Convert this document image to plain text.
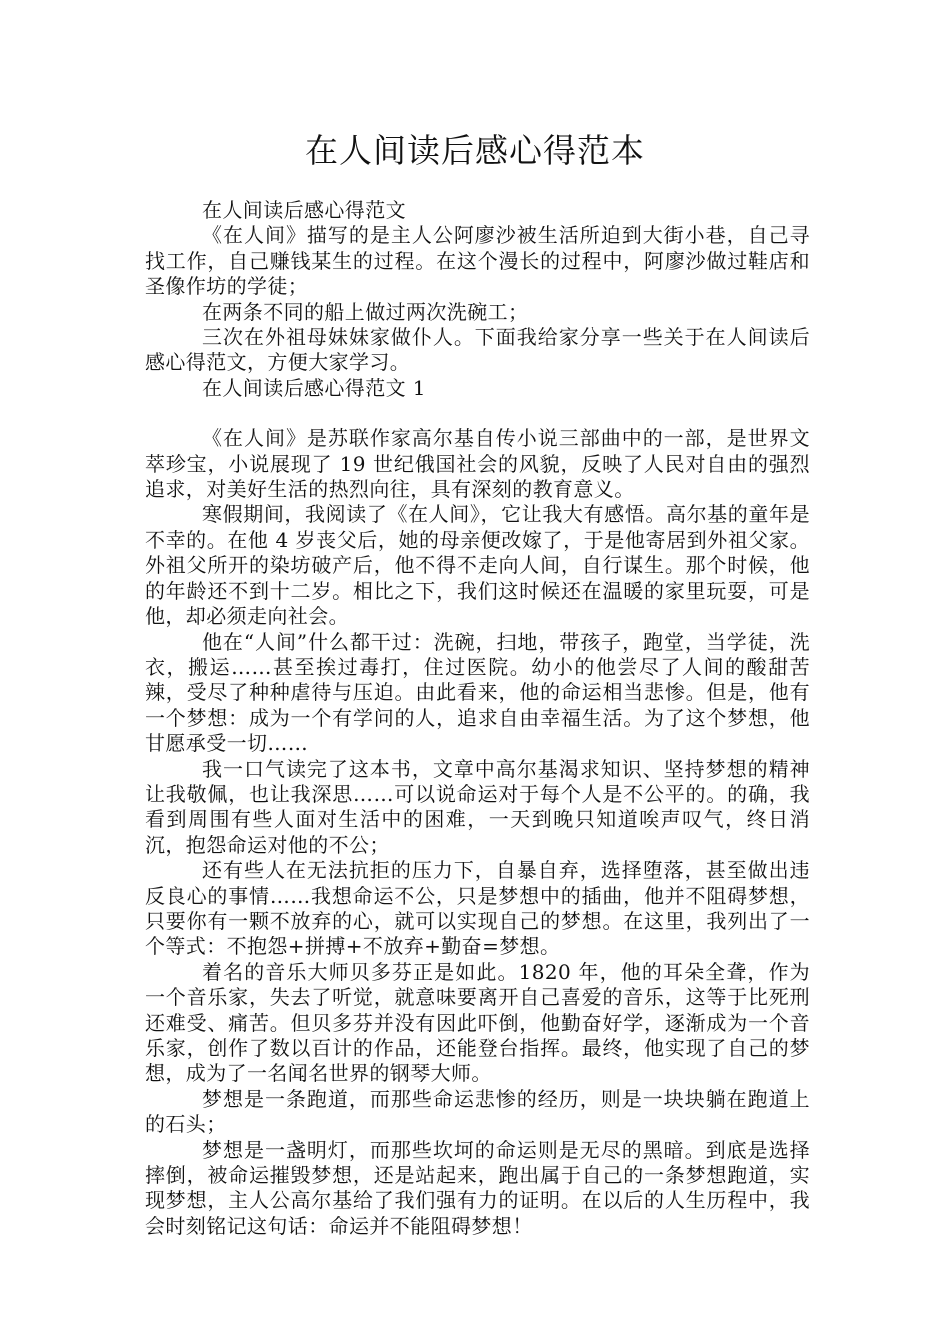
在人间读后感心得范本

在人间读后感心得范文

《在人间》描写的是主人公阿廖沙被生活所迫到大街小巷，自己寻找工作，自己赚钱某生的过程。在这个漫长的过程中，阿廖沙做过鞋店和圣像作坊的学徒；

在两条不同的船上做过两次洗碗工；

三次在外祖母妹妹家做仆人。下面我给家分享一些关于在人间读后感心得范文，方便大家学习。

在人间读后感心得范文 1

《在人间》是苏联作家高尔基自传小说三部曲中的一部，是世界文萃珍宝，小说展现了 19 世纪俄国社会的风貌，反映了人民对自由的强烈追求，对美好生活的热烈向往，具有深刻的教育意义。

寒假期间，我阅读了《在人间》，它让我大有感悟。高尔基的童年是不幸的。在他 4 岁丧父后，她的母亲便改嫁了，于是他寄居到外祖父家。外祖父所开的染坊破产后，他不得不走向人间，自行谋生。那个时候，他的年龄还不到十二岁。相比之下，我们这时候还在温暖的家里玩耍，可是他，却必须走向社会。

他在“人间”什么都干过：洗碗，扫地，带孩子，跑堂，当学徒，洗衣，搬运……甚至挨过毒打，住过医院。幼小的他尝尽了人间的酸甜苦辣，受尽了种种虐待与压迫。由此看来，他的命运相当悲惨。但是，他有一个梦想：成为一个有学问的人，追求自由幸福生活。为了这个梦想，他甘愿承受一切……

我一口气读完了这本书，文章中高尔基渴求知识、坚持梦想的精神让我敬佩，也让我深思……可以说命运对于每个人是不公平的。的确，我看到周围有些人面对生活中的困难，一天到晚只知道唉声叹气，终日消沉，抱怨命运对他的不公；

还有些人在无法抗拒的压力下，自暴自弃，选择堕落，甚至做出违反良心的事情……我想命运不公，只是梦想中的插曲，他并不阻碍梦想，只要你有一颗不放弃的心，就可以实现自己的梦想。在这里，我列出了一个等式：不抱怨+拼搏+不放弃+勤奋=梦想。

着名的音乐大师贝多芬正是如此。1820 年，他的耳朵全聋，作为一个音乐家，失去了听觉，就意味要离开自己喜爱的音乐，这等于比死刑还难受、痛苦。但贝多芬并没有因此吓倒，他勤奋好学，逐渐成为一个音乐家，创作了数以百计的作品，还能登台指挥。最终，他实现了自己的梦想，成为了一名闻名世界的钢琴大师。

梦想是一条跑道，而那些命运悲惨的经历，则是一块块躺在跑道上的石头；

梦想是一盏明灯，而那些坎坷的命运则是无尽的黑暗。到底是选择摔倒，被命运摧毁梦想，还是站起来，跑出属于自己的一条梦想跑道，实现梦想，主人公高尔基给了我们强有力的证明。在以后的人生历程中，我会时刻铭记这句话：命运并不能阻碍梦想！
